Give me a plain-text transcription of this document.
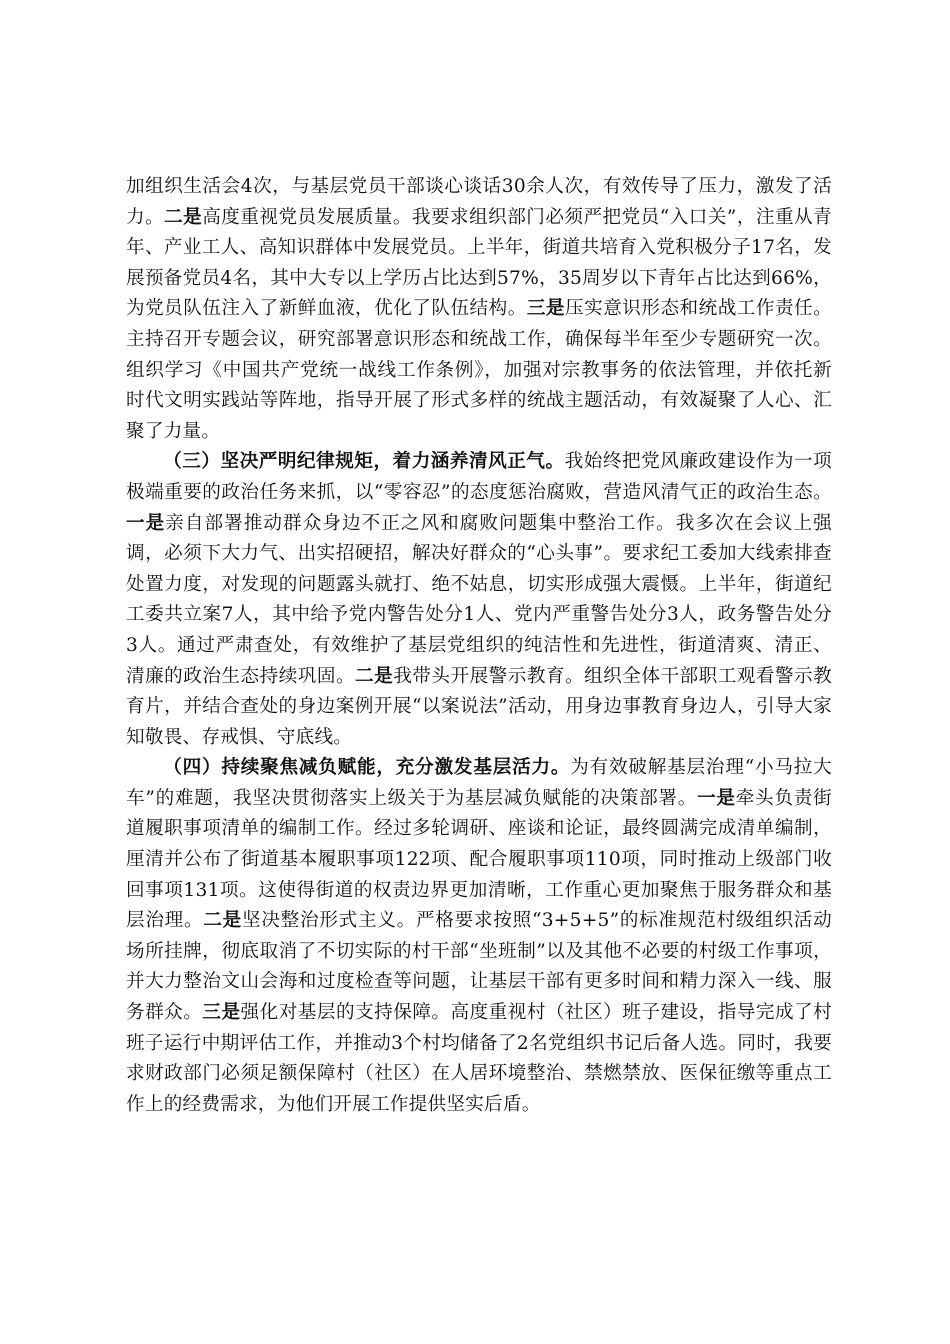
加组织生活会4次，与基层党员干部谈心谈话30余人次，有效传导了压力，激发了活力。二是高度重视党员发展质量。我要求组织部门必须严把党员“入口关”，注重从青年、产业工人、高知识群体中发展党员。上半年，街道共培育入党积极分子17名，发展预备党员4名，其中大专以上学历占比达到57%，35周岁以下青年占比达到66%，为党员队伍注入了新鲜血液，优化了队伍结构。三是压实意识形态和统战工作责任。主持召开专题会议，研究部署意识形态和统战工作，确保每半年至少专题研究一次。组织学习《中国共产党统一战线工作条例》，加强对宗教事务的依法管理，并依托新时代文明实践站等阵地，指导开展了形式多样的统战主题活动，有效凝聚了人心、汇聚了力量。

（三）坚决严明纪律规矩，着力涵养清风正气。我始终把党风廉政建设作为一项极端重要的政治任务来抓，以“零容忍”的态度惩治腐败，营造风清气正的政治生态。一是亲自部署推动群众身边不正之风和腐败问题集中整治工作。我多次在会议上强调，必须下大力气、出实招硬招，解决好群众的“心头事”。要求纪工委加大线索排查处置力度，对发现的问题露头就打、绝不姑息，切实形成强大震慑。上半年，街道纪工委共立案7人，其中给予党内警告处分1人、党内严重警告处分3人，政务警告处分3人。通过严肃查处，有效维护了基层党组织的纯洁性和先进性，街道清爽、清正、清廉的政治生态持续巩固。二是我带头开展警示教育。组织全体干部职工观看警示教育片，并结合查处的身边案例开展“以案说法”活动，用身边事教育身边人，引导大家知敬畏、存戒惧、守底线。

（四）持续聚焦减负赋能，充分激发基层活力。为有效破解基层治理“小马拉大车”的难题，我坚决贯彻落实上级关于为基层减负赋能的决策部署。一是牵头负责街道履职事项清单的编制工作。经过多轮调研、座谈和论证，最终圆满完成清单编制，厘清并公布了街道基本履职事项122项、配合履职事项110项，同时推动上级部门收回事项131项。这使得街道的权责边界更加清晰，工作重心更加聚焦于服务群众和基层治理。二是坚决整治形式主义。严格要求按照“3+5+5”的标准规范村级组织活动场所挂牌，彻底取消了不切实际的村干部“坐班制”以及其他不必要的村级工作事项，并大力整治文山会海和过度检查等问题，让基层干部有更多时间和精力深入一线、服务群众。三是强化对基层的支持保障。高度重视村（社区）班子建设，指导完成了村班子运行中期评估工作，并推动3个村均储备了2名党组织书记后备人选。同时，我要求财政部门必须足额保障村（社区）在人居环境整治、禁燃禁放、医保征缴等重点工作上的经费需求，为他们开展工作提供坚实后盾。
